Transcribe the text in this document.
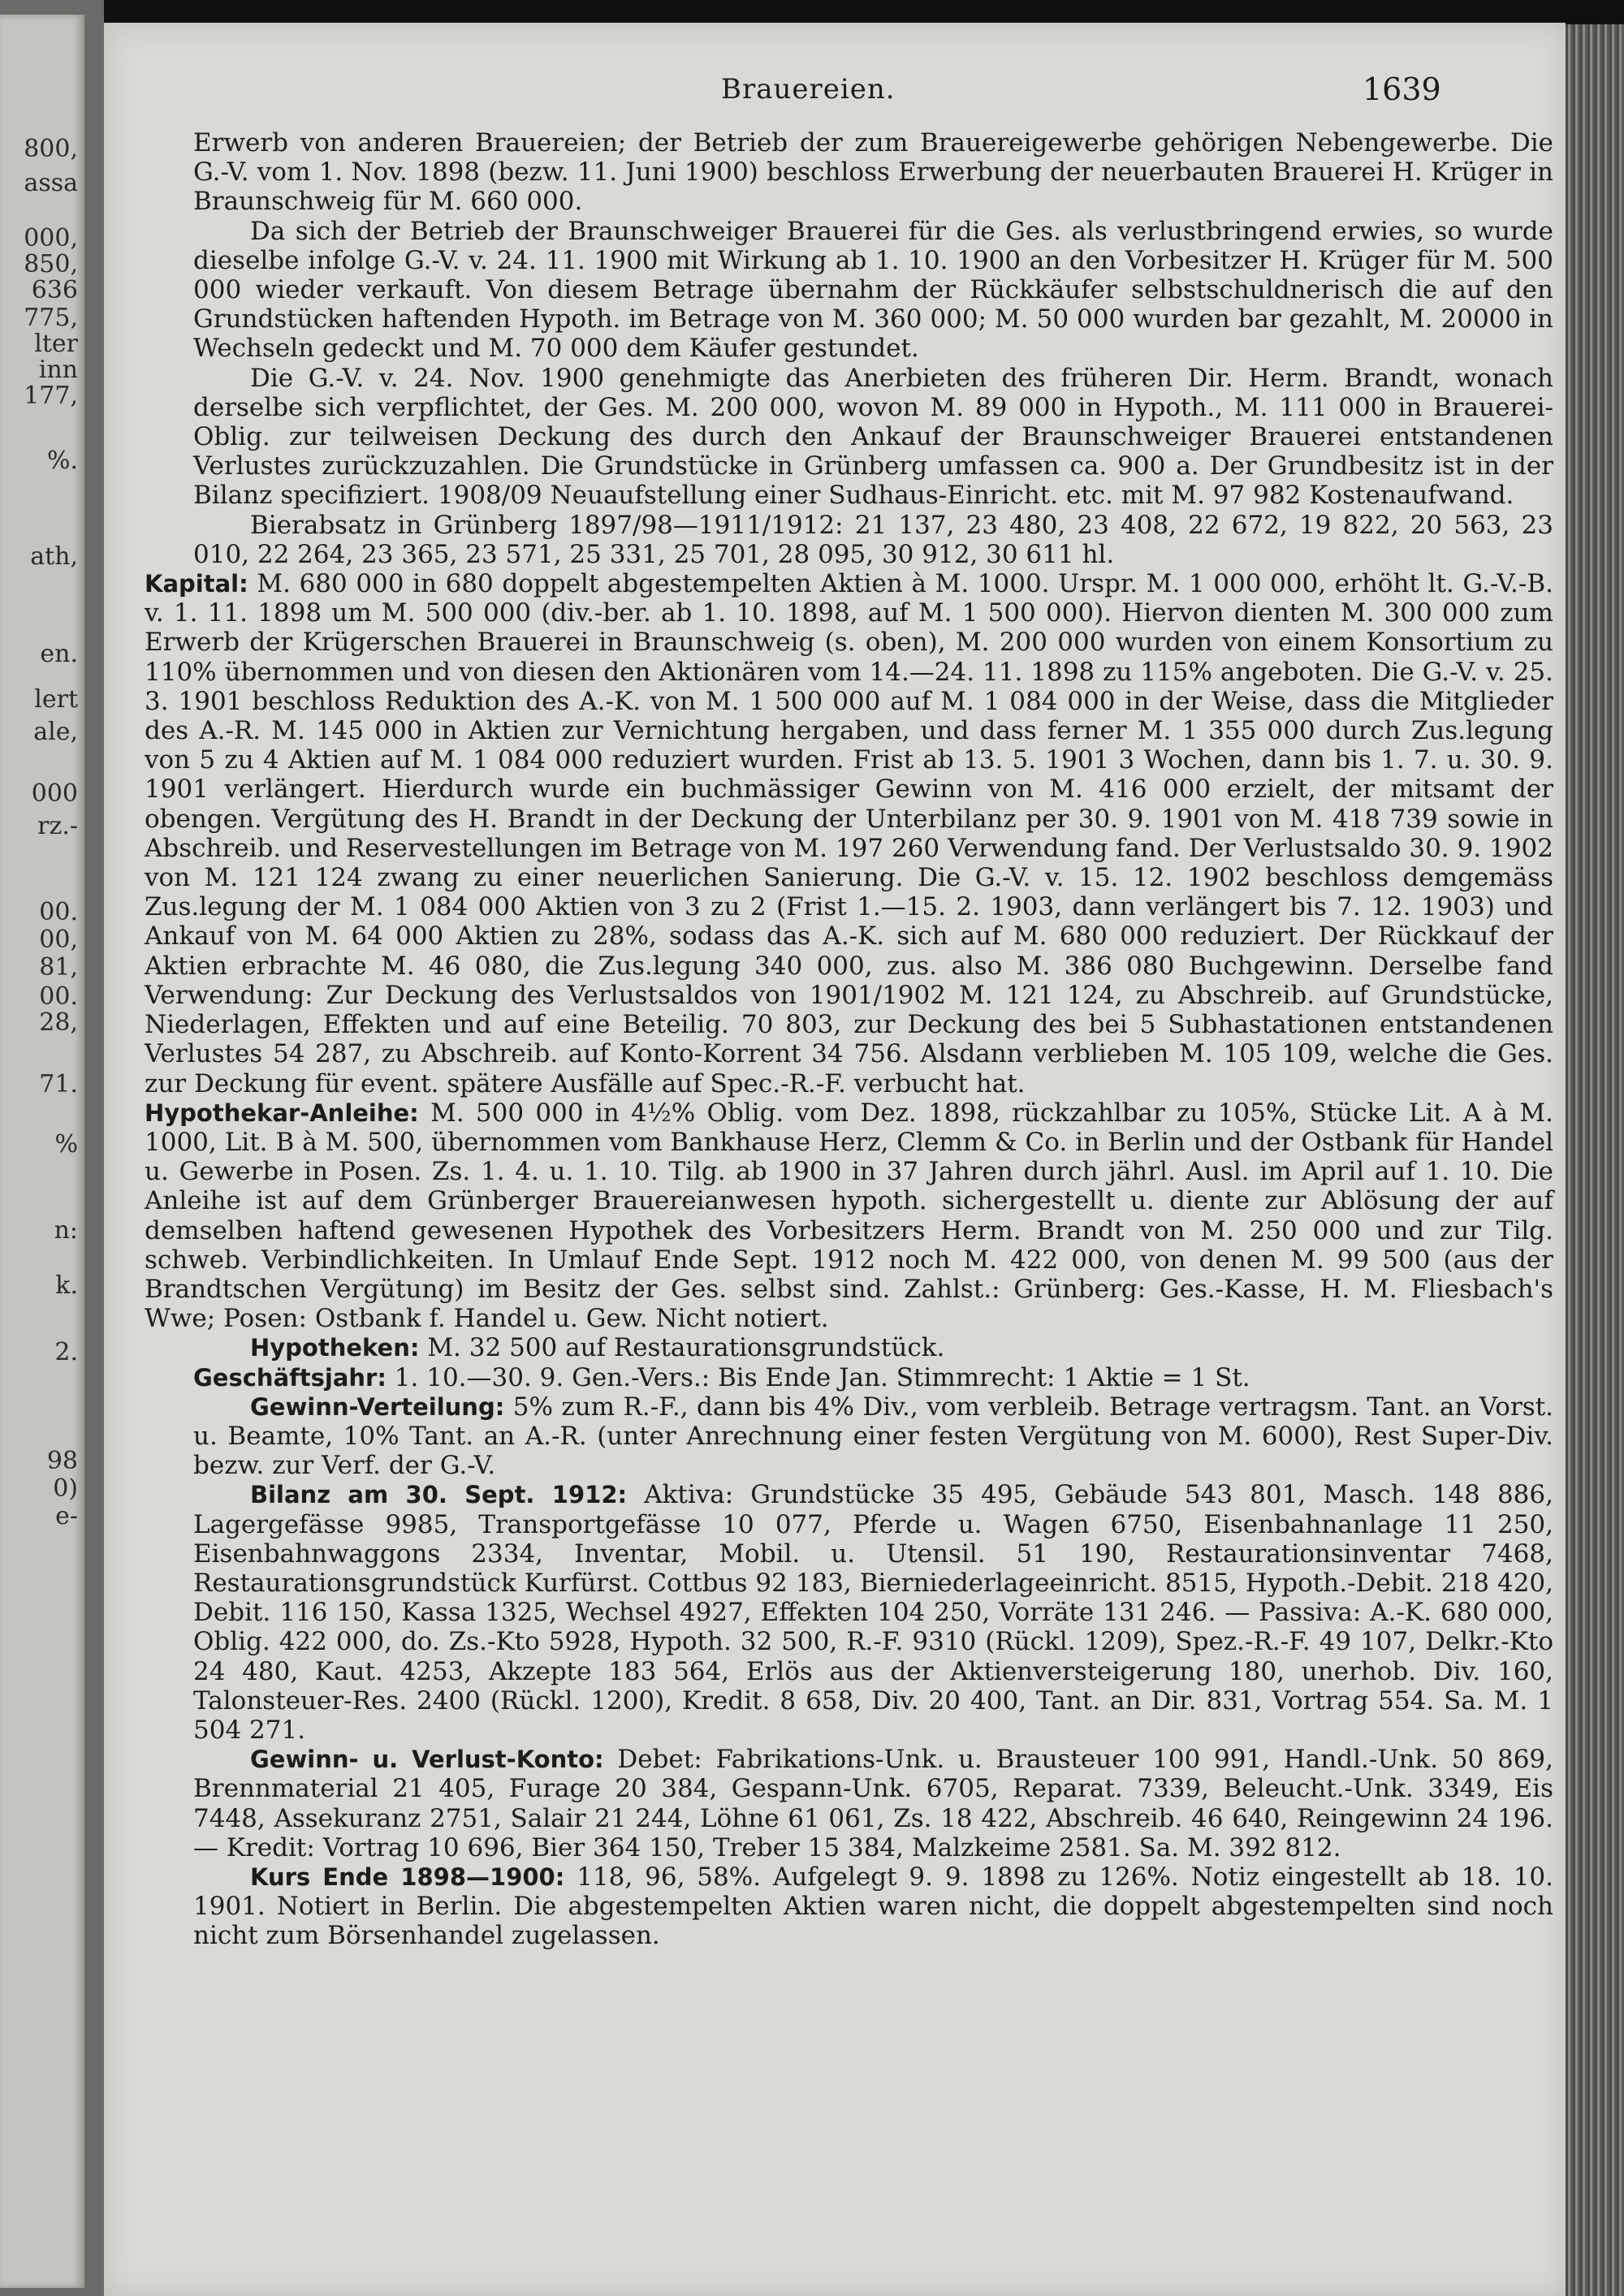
800,
assa
000,
850,
636
775,
lter
inn
177,
%.
ath,
en.
lert
ale,
000
rz.-
00.
00,
81,
00.
28,
71.
%
n:
k.
2.
98
0)
e-
Brauereien.	1639

Erwerb von anderen Brauereien; der Betrieb der zum Brauereigewerbe gehörigen Nebengewerbe. Die G.-V. vom 1. Nov. 1898 (bezw. 11. Juni 1900) beschloss Erwerbung der neuerbauten Brauerei H. Krüger in Braunschweig für M. 660 000.

Da sich der Betrieb der Braunschweiger Brauerei für die Ges. als verlustbringend erwies, so wurde dieselbe infolge G.-V. v. 24. 11. 1900 mit Wirkung ab 1. 10. 1900 an den Vorbesitzer H. Krüger für M. 500 000 wieder verkauft. Von diesem Betrage übernahm der Rückkäufer selbstschuldnerisch die auf den Grundstücken haftenden Hypoth. im Betrage von M. 360 000; M. 50 000 wurden bar gezahlt, M. 20000 in Wechseln gedeckt und M. 70 000 dem Käufer gestundet.

Die G.-V. v. 24. Nov. 1900 genehmigte das Anerbieten des früheren Dir. Herm. Brandt, wonach derselbe sich verpflichtet, der Ges. M. 200 000, wovon M. 89 000 in Hypoth., M. 111 000 in Brauerei-Oblig. zur teilweisen Deckung des durch den Ankauf der Braunschweiger Brauerei entstandenen Verlustes zurückzuzahlen. Die Grundstücke in Grünberg umfassen ca. 900 a. Der Grundbesitz ist in der Bilanz specifiziert. 1908/09 Neuaufstellung einer Sudhaus-Einricht. etc. mit M. 97 982 Kostenaufwand.

Bierabsatz in Grünberg 1897/98—1911/1912: 21 137, 23 480, 23 408, 22 672, 19 822, 20 563, 23 010, 22 264, 23 365, 23 571, 25 331, 25 701, 28 095, 30 912, 30 611 hl.

Kapital: M. 680 000 in 680 doppelt abgestempelten Aktien à M. 1000. Urspr. M. 1 000 000, erhöht lt. G.-V.-B. v. 1. 11. 1898 um M. 500 000 (div.-ber. ab 1. 10. 1898, auf M. 1 500 000). Hiervon dienten M. 300 000 zum Erwerb der Krügerschen Brauerei in Braunschweig (s. oben), M. 200 000 wurden von einem Konsortium zu 110% übernommen und von diesen den Aktionären vom 14.—24. 11. 1898 zu 115% angeboten. Die G.-V. v. 25. 3. 1901 beschloss Reduktion des A.-K. von M. 1 500 000 auf M. 1 084 000 in der Weise, dass die Mitglieder des A.-R. M. 145 000 in Aktien zur Vernichtung hergaben, und dass ferner M. 1 355 000 durch Zus.legung von 5 zu 4 Aktien auf M. 1 084 000 reduziert wurden. Frist ab 13. 5. 1901 3 Wochen, dann bis 1. 7. u. 30. 9. 1901 verlängert. Hierdurch wurde ein buchmässiger Gewinn von M. 416 000 erzielt, der mitsamt der obengen. Vergütung des H. Brandt in der Deckung der Unterbilanz per 30. 9. 1901 von M. 418 739 sowie in Abschreib. und Reservestellungen im Betrage von M. 197 260 Verwendung fand. Der Verlustsaldo 30. 9. 1902 von M. 121 124 zwang zu einer neuerlichen Sanierung. Die G.-V. v. 15. 12. 1902 beschloss demgemäss Zus.legung der M. 1 084 000 Aktien von 3 zu 2 (Frist 1.—15. 2. 1903, dann verlängert bis 7. 12. 1903) und Ankauf von M. 64 000 Aktien zu 28%, sodass das A.-K. sich auf M. 680 000 reduziert. Der Rückkauf der Aktien erbrachte M. 46 080, die Zus.legung 340 000, zus. also M. 386 080 Buchgewinn. Derselbe fand Verwendung: Zur Deckung des Verlustsaldos von 1901/1902 M. 121 124, zu Abschreib. auf Grundstücke, Niederlagen, Effekten und auf eine Beteilig. 70 803, zur Deckung des bei 5 Subhastationen entstandenen Verlustes 54 287, zu Abschreib. auf Konto-Korrent 34 756. Alsdann verblieben M. 105 109, welche die Ges. zur Deckung für event. spätere Ausfälle auf Spec.-R.-F. verbucht hat.

Hypothekar-Anleihe: M. 500 000 in 4½% Oblig. vom Dez. 1898, rückzahlbar zu 105%, Stücke Lit. A à M. 1000, Lit. B à M. 500, übernommen vom Bankhause Herz, Clemm & Co. in Berlin und der Ostbank für Handel u. Gewerbe in Posen. Zs. 1. 4. u. 1. 10. Tilg. ab 1900 in 37 Jahren durch jährl. Ausl. im April auf 1. 10. Die Anleihe ist auf dem Grünberger Brauereianwesen hypoth. sichergestellt u. diente zur Ablösung der auf demselben haftend gewesenen Hypothek des Vorbesitzers Herm. Brandt von M. 250 000 und zur Tilg. schweb. Verbindlichkeiten. In Umlauf Ende Sept. 1912 noch M. 422 000, von denen M. 99 500 (aus der Brandtschen Vergütung) im Besitz der Ges. selbst sind. Zahlst.: Grünberg: Ges.-Kasse, H. M. Fliesbach's Wwe; Posen: Ostbank f. Handel u. Gew. Nicht notiert.

Hypotheken: M. 32 500 auf Restaurationsgrundstück.

Geschäftsjahr: 1. 10.—30. 9. Gen.-Vers.: Bis Ende Jan. Stimmrecht: 1 Aktie = 1 St.

Gewinn-Verteilung: 5% zum R.-F., dann bis 4% Div., vom verbleib. Betrage vertragsm. Tant. an Vorst. u. Beamte, 10% Tant. an A.-R. (unter Anrechnung einer festen Vergütung von M. 6000), Rest Super-Div. bezw. zur Verf. der G.-V.

Bilanz am 30. Sept. 1912: Aktiva: Grundstücke 35 495, Gebäude 543 801, Masch. 148 886, Lagergefässe 9985, Transportgefässe 10 077, Pferde u. Wagen 6750, Eisenbahnanlage 11 250, Eisenbahnwaggons 2334, Inventar, Mobil. u. Utensil. 51 190, Restaurationsinventar 7468, Restaurationsgrundstück Kurfürst. Cottbus 92 183, Bierniederlageeinricht. 8515, Hypoth.-Debit. 218 420, Debit. 116 150, Kassa 1325, Wechsel 4927, Effekten 104 250, Vorräte 131 246. — Passiva: A.-K. 680 000, Oblig. 422 000, do. Zs.-Kto 5928, Hypoth. 32 500, R.-F. 9310 (Rückl. 1209), Spez.-R.-F. 49 107, Delkr.-Kto 24 480, Kaut. 4253, Akzepte 183 564, Erlös aus der Aktienversteigerung 180, unerhob. Div. 160, Talonsteuer-Res. 2400 (Rückl. 1200), Kredit. 8 658, Div. 20 400, Tant. an Dir. 831, Vortrag 554. Sa. M. 1 504 271.

Gewinn- u. Verlust-Konto: Debet: Fabrikations-Unk. u. Brausteuer 100 991, Handl.-Unk. 50 869, Brennmaterial 21 405, Furage 20 384, Gespann-Unk. 6705, Reparat. 7339, Beleucht.-Unk. 3349, Eis 7448, Assekuranz 2751, Salair 21 244, Löhne 61 061, Zs. 18 422, Abschreib. 46 640, Reingewinn 24 196. — Kredit: Vortrag 10 696, Bier 364 150, Treber 15 384, Malzkeime 2581. Sa. M. 392 812.

Kurs Ende 1898—1900: 118, 96, 58%. Aufgelegt 9. 9. 1898 zu 126%. Notiz eingestellt ab 18. 10. 1901. Notiert in Berlin. Die abgestempelten Aktien waren nicht, die doppelt abgestempelten sind noch nicht zum Börsenhandel zugelassen.
